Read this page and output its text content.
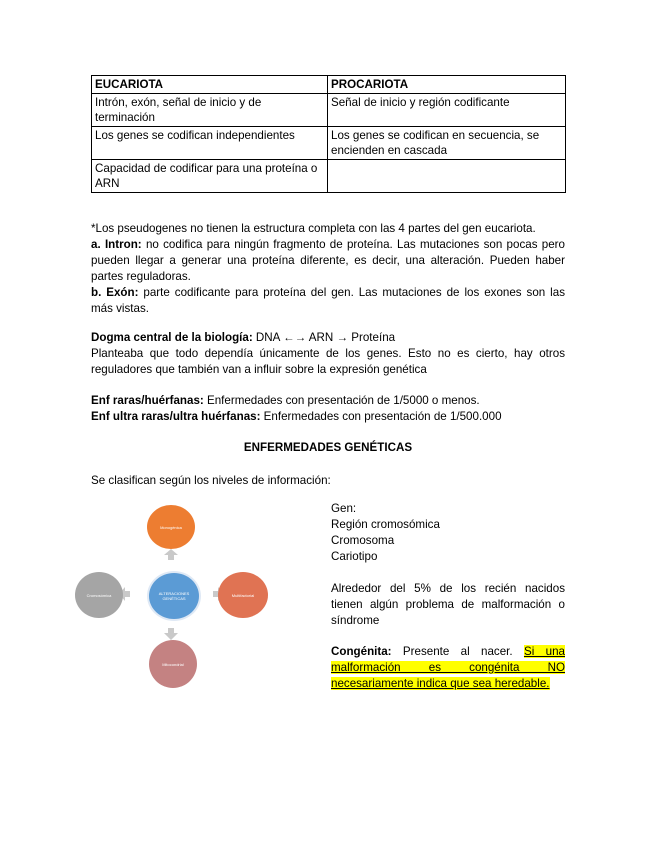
EUCARIOTA	PROCARIOTA
Intrón, exón, señal de inicio y de terminación	Señal de inicio y región codificante
Los genes se codifican independientes	Los genes se codifican en secuencia, se encienden en cascada
Capacidad de codificar para una proteína o ARN	

*Los pseudogenes no tienen la estructura completa con las 4 partes del gen eucariota.

a. Intron: no codifica para ningún fragmento de proteína. Las mutaciones son pocas pero pueden llegar a generar una proteína diferente, es decir, una alteración. Pueden haber partes reguladoras.

b. Exón: parte codificante para proteína del gen. Las mutaciones de los exones son las más vistas.

Dogma central de la biología: DNA ←→ ARN → Proteína

Planteaba que todo dependía únicamente de los genes. Esto no es cierto, hay otros reguladores que también van a influir sobre la expresión genética

Enf raras/huérfanas: Enfermedades con presentación de 1/5000 o menos.

Enf ultra raras/ultra huérfanas: Enfermedades con presentación de 1/500.000

ENFERMEDADES GENÉTICAS

Se clasifican según los niveles de información:

ALTERACIONES GENÉTICAS
Monogénica
Multifactorial
Mitocondrial
Cromosómica

Gen:

Región cromosómica

Cromosoma

Cariotipo

Alrededor del 5% de los recién nacidos tienen algún problema de malformación o síndrome

Congénita: Presente al nacer. Si una malformación es congénita NO necesariamente indica que sea heredable.
